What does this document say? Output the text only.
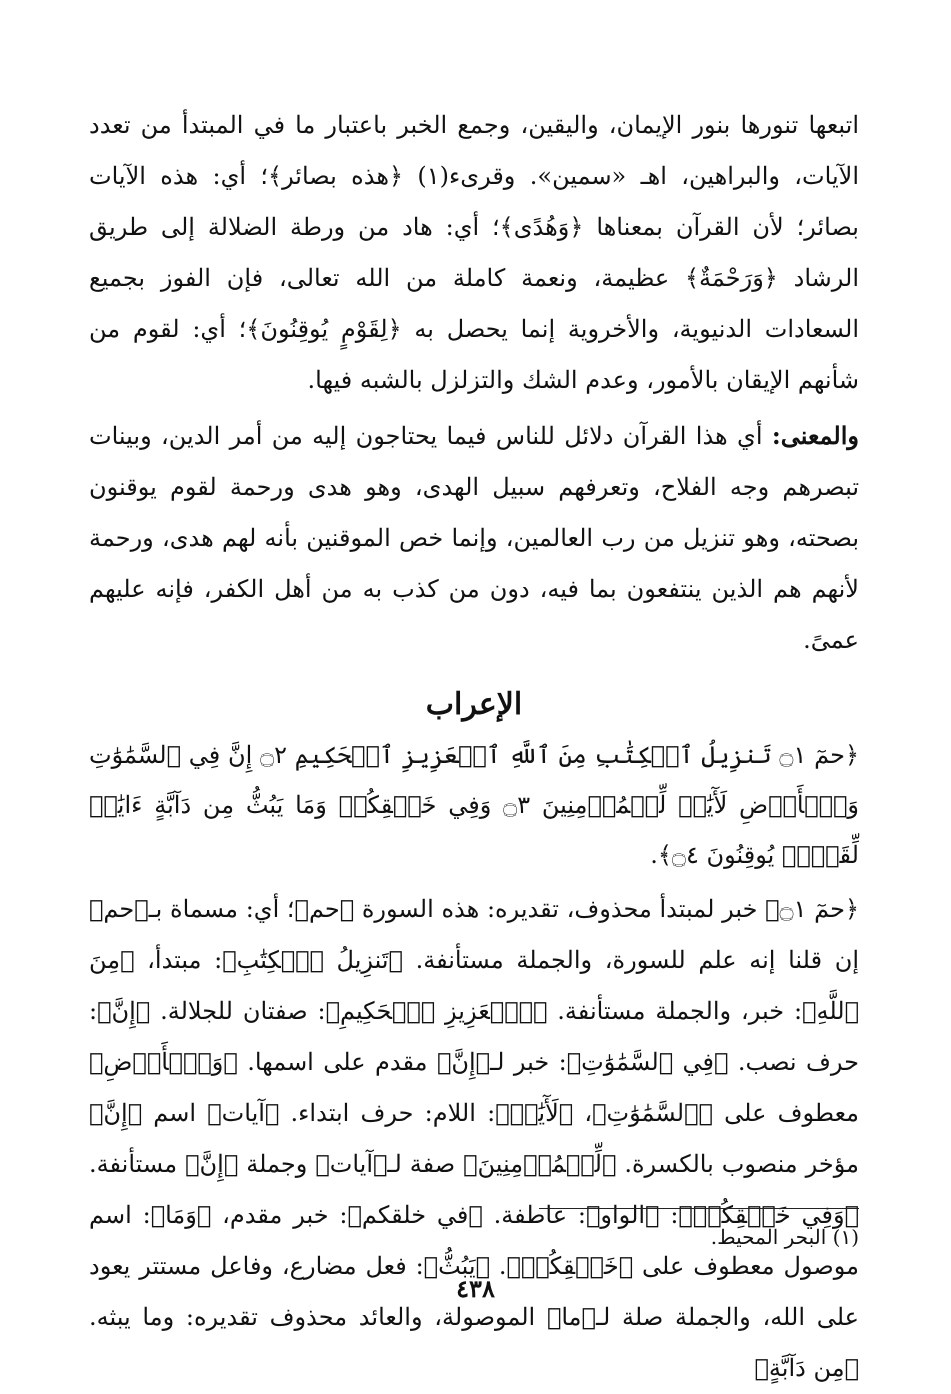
اتبعها تنورها بنور الإيمان، واليقين، وجمع الخبر باعتبار ما في المبتدأ من تعدد الآيات، والبراهين، اهـ «سمين». وقرىء(١) ﴿هذه بصائر﴾؛ أي: هذه الآيات بصائر؛ لأن القرآن بمعناها ﴿وَهُدًى﴾؛ أي: هاد من ورطة الضلالة إلى طريق الرشاد ﴿وَرَحْمَةٌ﴾ عظيمة، ونعمة كاملة من الله تعالى، فإن الفوز بجميع السعادات الدنيوية، والأخروية إنما يحصل به ﴿لِقَوْمٍ يُوقِنُونَ﴾؛ أي: لقوم من شأنهم الإيقان بالأمور، وعدم الشك والتزلزل بالشبه فيها.

والمعنى: أي هذا القرآن دلائل للناس فيما يحتاجون إليه من أمر الدين، وبينات تبصرهم وجه الفلاح، وتعرفهم سبيل الهدى، وهو هدى ورحمة لقوم يوقنون بصحته، وهو تنزيل من رب العالمين، وإنما خص الموقنين بأنه لهم هدى، ورحمة لأنهم هم الذين ينتفعون بما فيه، دون من كذب به من أهل الكفر، فإنه عليهم عمىً.

الإعراب

﴿حمٓ ۝١ تَنزِيلُ ٱلۡكِتَٰبِ مِنَ ٱللَّهِ ٱلۡعَزِيزِ ٱلۡحَكِيمِ ۝٢ إِنَّ فِي ٱلسَّمَٰوَٰتِ وَٱلۡأَرۡضِ لَأٓيَٰتٖ لِّلۡمُؤۡمِنِينَ ۝٣ وَفِي خَلۡقِكُمۡ وَمَا يَبُثُّ مِن دَآبَّةٍ ءَايَٰتٞ لِّقَوۡمٖ يُوقِنُونَ ۝٤﴾.

﴿حمٓ ۝١﴾ خبر لمبتدأ محذوف، تقديره: هذه السورة ﴿حم﴾؛ أي: مسماة بـ﴿حم﴾ إن قلنا إنه علم للسورة، والجملة مستأنفة. ﴿تَنزِيلُ ٱلۡكِتَٰبِ﴾: مبتدأ، ﴿مِنَ ٱللَّهِ﴾: خبر، والجملة مستأنفة. ﴿ٱلۡعَزِيزِ ٱلۡحَكِيمِ﴾: صفتان للجلالة. ﴿إِنَّ﴾: حرف نصب. ﴿فِي ٱلسَّمَٰوَٰتِ﴾: خبر لـ﴿إِنَّ﴾ مقدم على اسمها. ﴿وَٱلۡأَرۡضِ﴾ معطوف على ﴿ٱلسَّمَٰوَٰتِ﴾، ﴿لَأٓيَٰتٖ﴾: اللام: حرف ابتداء. ﴿آيات﴾ اسم ﴿إِنَّ﴾ مؤخر منصوب بالكسرة. ﴿لِّلۡمُؤۡمِنِينَ﴾ صفة لـ﴿آيات﴾ وجملة ﴿إِنَّ﴾ مستأنفة. ﴿وَفِي خَلۡقِكُمۡ﴾: ﴿الواو﴾: عاطفة. ﴿في خلقكم﴾: خبر مقدم، ﴿وَمَا﴾: اسم موصول معطوف على ﴿خَلۡقِكُمۡ﴾. ﴿يَبُثُّ﴾: فعل مضارع، وفاعل مستتر يعود على الله، والجملة صلة لـ﴿ما﴾ الموصولة، والعائد محذوف تقديره: وما يبثه. ﴿مِن دَآبَّةٍ﴾

(١) البحر المحيط.
٤٣٨
